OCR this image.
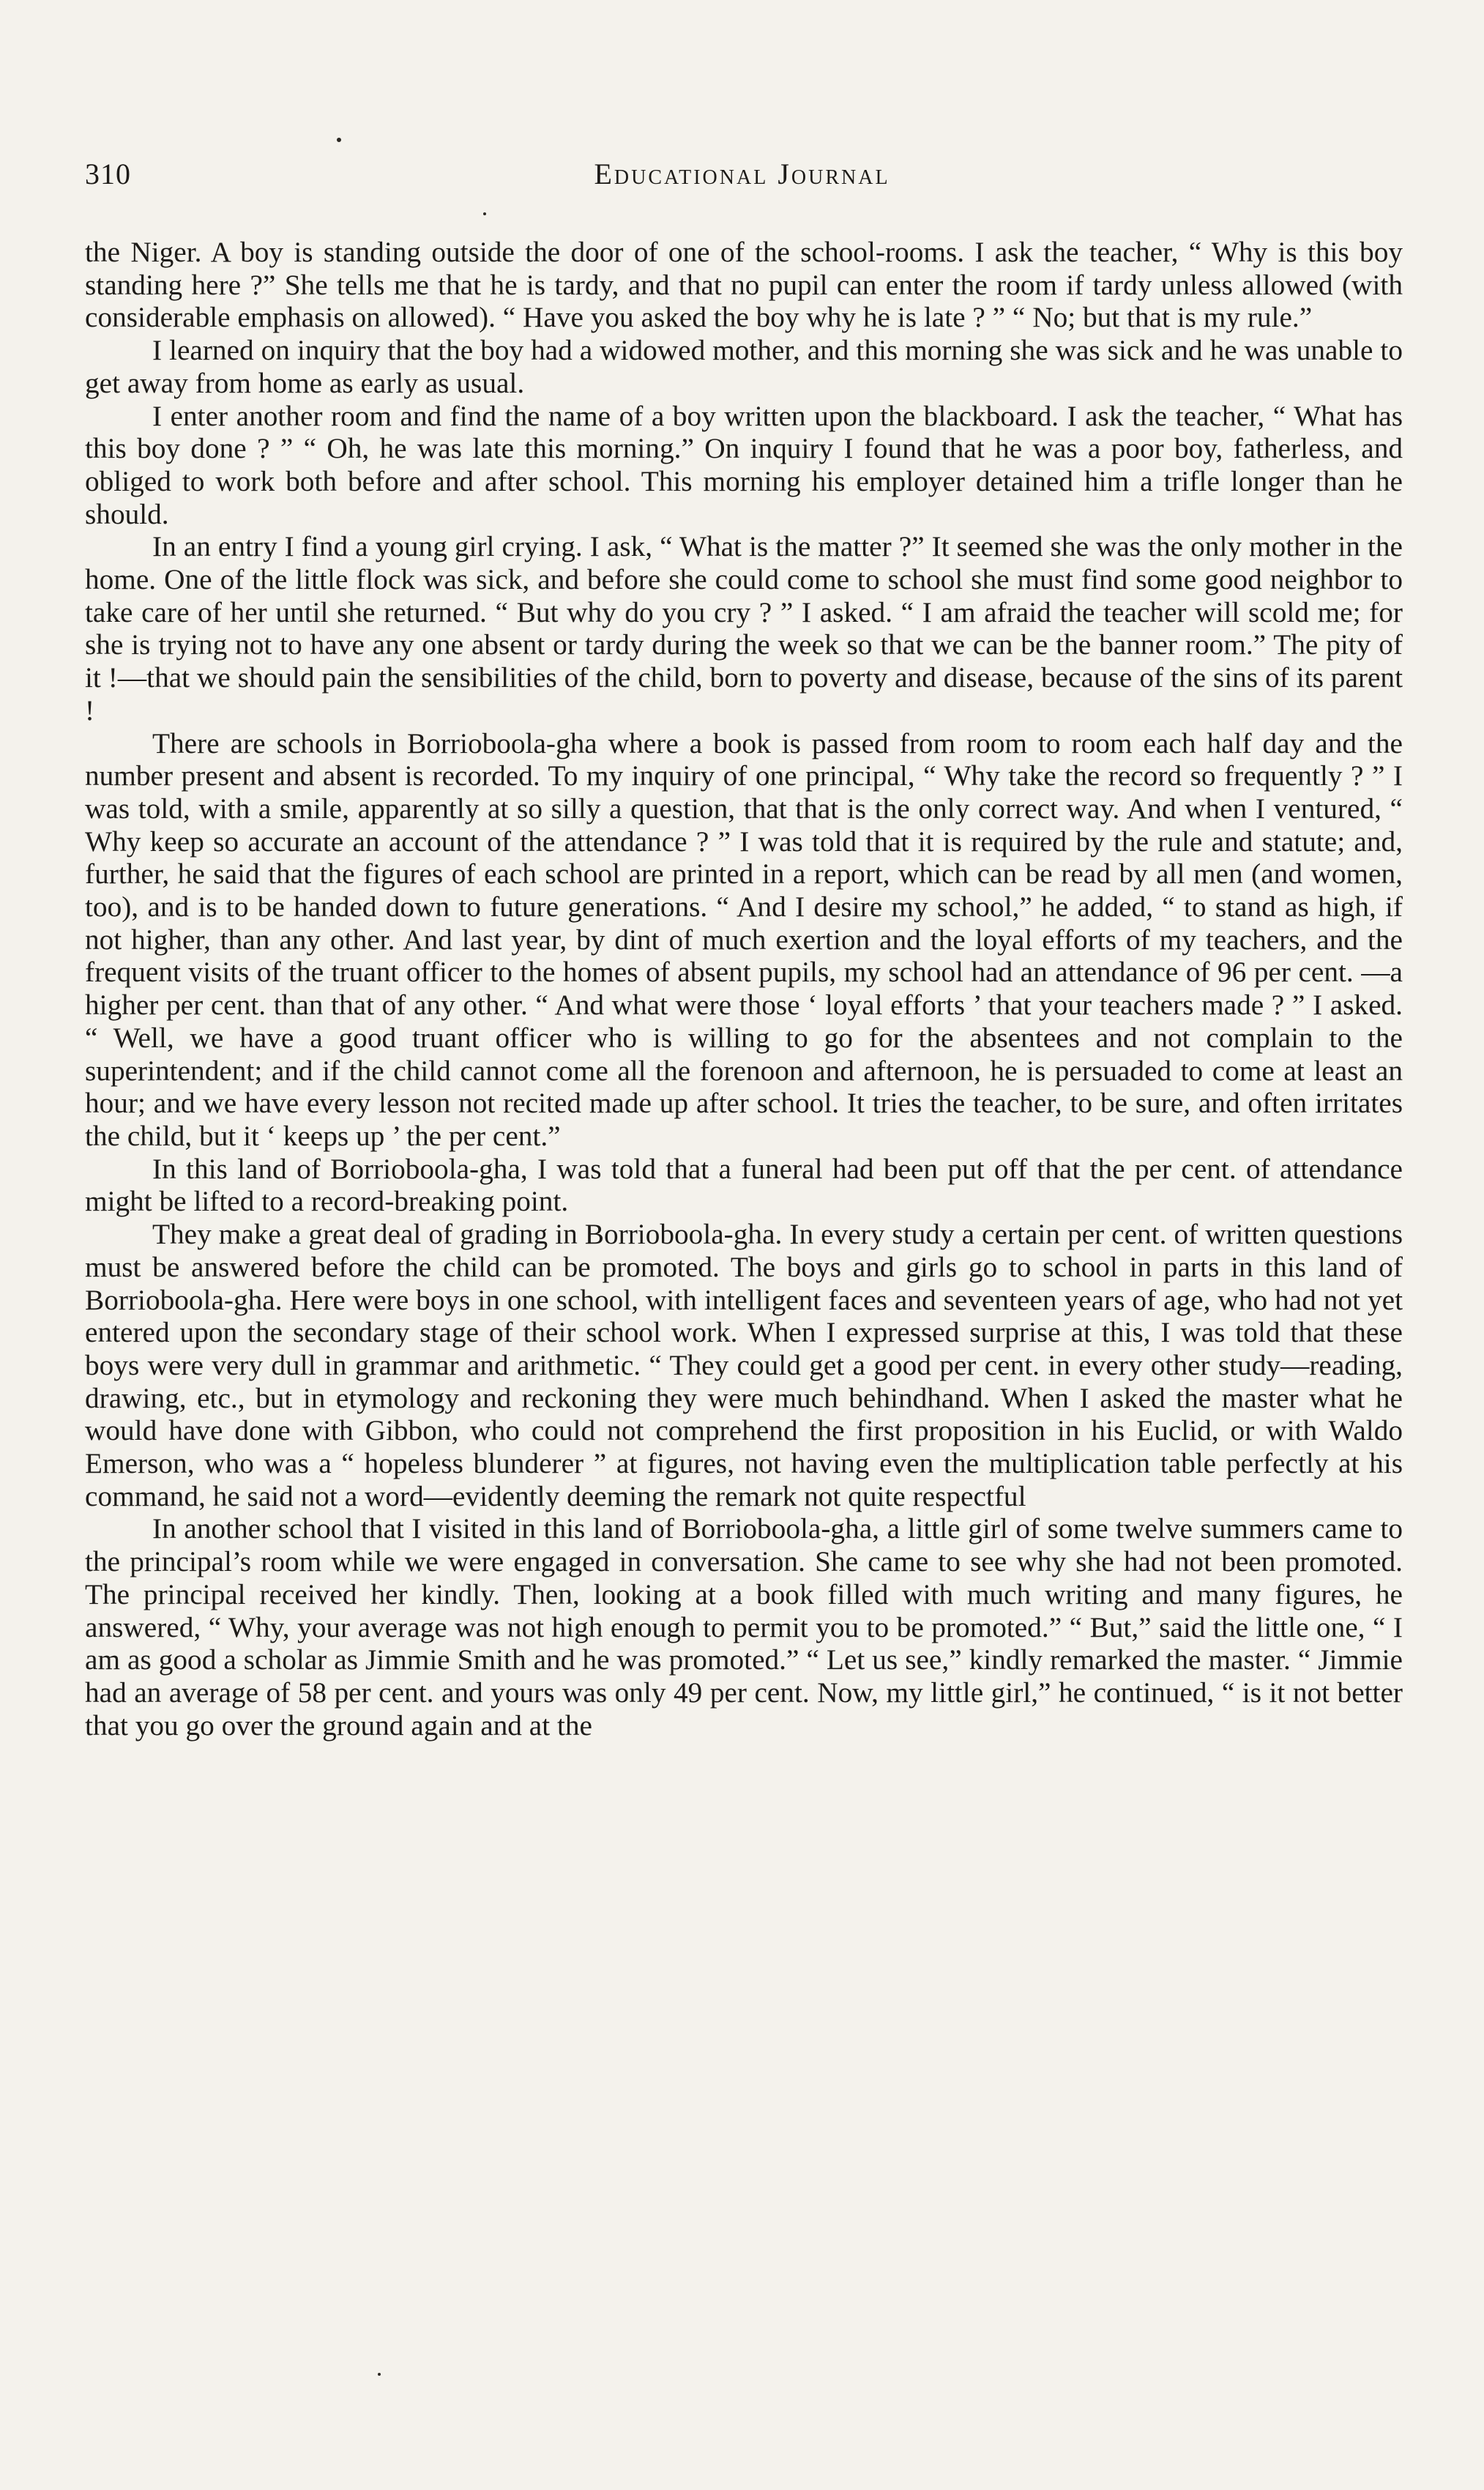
310	Educational Journal

the Niger. A boy is standing outside the door of one of the school-rooms. I ask the teacher, “ Why is this boy standing here ?” She tells me that he is tardy, and that no pupil can enter the room if tardy unless allowed (with considerable emphasis on allowed). “ Have you asked the boy why he is late ? ” “ No; but that is my rule.”

I learned on inquiry that the boy had a widowed mother, and this morning she was sick and he was unable to get away from home as early as usual.

I enter another room and find the name of a boy written upon the blackboard. I ask the teacher, “ What has this boy done ? ” “ Oh, he was late this morning.” On inquiry I found that he was a poor boy, fatherless, and obliged to work both before and after school. This morning his employer detained him a trifle longer than he should.

In an entry I find a young girl crying. I ask, “ What is the matter ?” It seemed she was the only mother in the home. One of the little flock was sick, and before she could come to school she must find some good neighbor to take care of her until she returned. “ But why do you cry ? ” I asked. “ I am afraid the teacher will scold me; for she is trying not to have any one absent or tardy during the week so that we can be the banner room.” The pity of it !—that we should pain the sensibilities of the child, born to poverty and disease, because of the sins of its parent !

There are schools in Borrioboola-gha where a book is passed from room to room each half day and the number present and absent is recorded. To my inquiry of one principal, “ Why take the record so frequently ? ” I was told, with a smile, apparently at so silly a question, that that is the only correct way. And when I ventured, “ Why keep so accurate an account of the attendance ? ” I was told that it is required by the rule and statute; and, further, he said that the figures of each school are printed in a report, which can be read by all men (and women, too), and is to be handed down to future generations. “ And I desire my school,” he added, “ to stand as high, if not higher, than any other. And last year, by dint of much exertion and the loyal efforts of my teachers, and the frequent visits of the truant officer to the homes of absent pupils, my school had an attendance of 96 per cent. —a higher per cent. than that of any other. “ And what were those ‘ loyal efforts ’ that your teachers made ? ” I asked. “ Well, we have a good truant officer who is willing to go for the absentees and not complain to the superintendent; and if the child cannot come all the forenoon and afternoon, he is persuaded to come at least an hour; and we have every lesson not recited made up after school. It tries the teacher, to be sure, and often irritates the child, but it ‘ keeps up ’ the per cent.”

In this land of Borrioboola-gha, I was told that a funeral had been put off that the per cent. of attendance might be lifted to a record-breaking point.

They make a great deal of grading in Borrioboola-gha. In every study a certain per cent. of written questions must be answered before the child can be promoted. The boys and girls go to school in parts in this land of Borrioboola-gha. Here were boys in one school, with intelligent faces and seventeen years of age, who had not yet entered upon the secondary stage of their school work. When I expressed surprise at this, I was told that these boys were very dull in grammar and arithmetic. “ They could get a good per cent. in every other study—reading, drawing, etc., but in etymology and reckoning they were much behindhand. When I asked the master what he would have done with Gibbon, who could not comprehend the first proposition in his Euclid, or with Waldo Emerson, who was a “ hopeless blunderer ” at figures, not having even the multiplication table perfectly at his command, he said not a word—evidently deeming the remark not quite respectful

In another school that I visited in this land of Borrioboola-gha, a little girl of some twelve summers came to the principal’s room while we were engaged in conversation. She came to see why she had not been promoted. The principal received her kindly. Then, looking at a book filled with much writing and many figures, he answered, “ Why, your average was not high enough to permit you to be promoted.” “ But,” said the little one, “ I am as good a scholar as Jimmie Smith and he was promoted.” “ Let us see,” kindly remarked the master. “ Jimmie had an average of 58 per cent. and yours was only 49 per cent. Now, my little girl,” he continued, “ is it not better that you go over the ground again and at the
